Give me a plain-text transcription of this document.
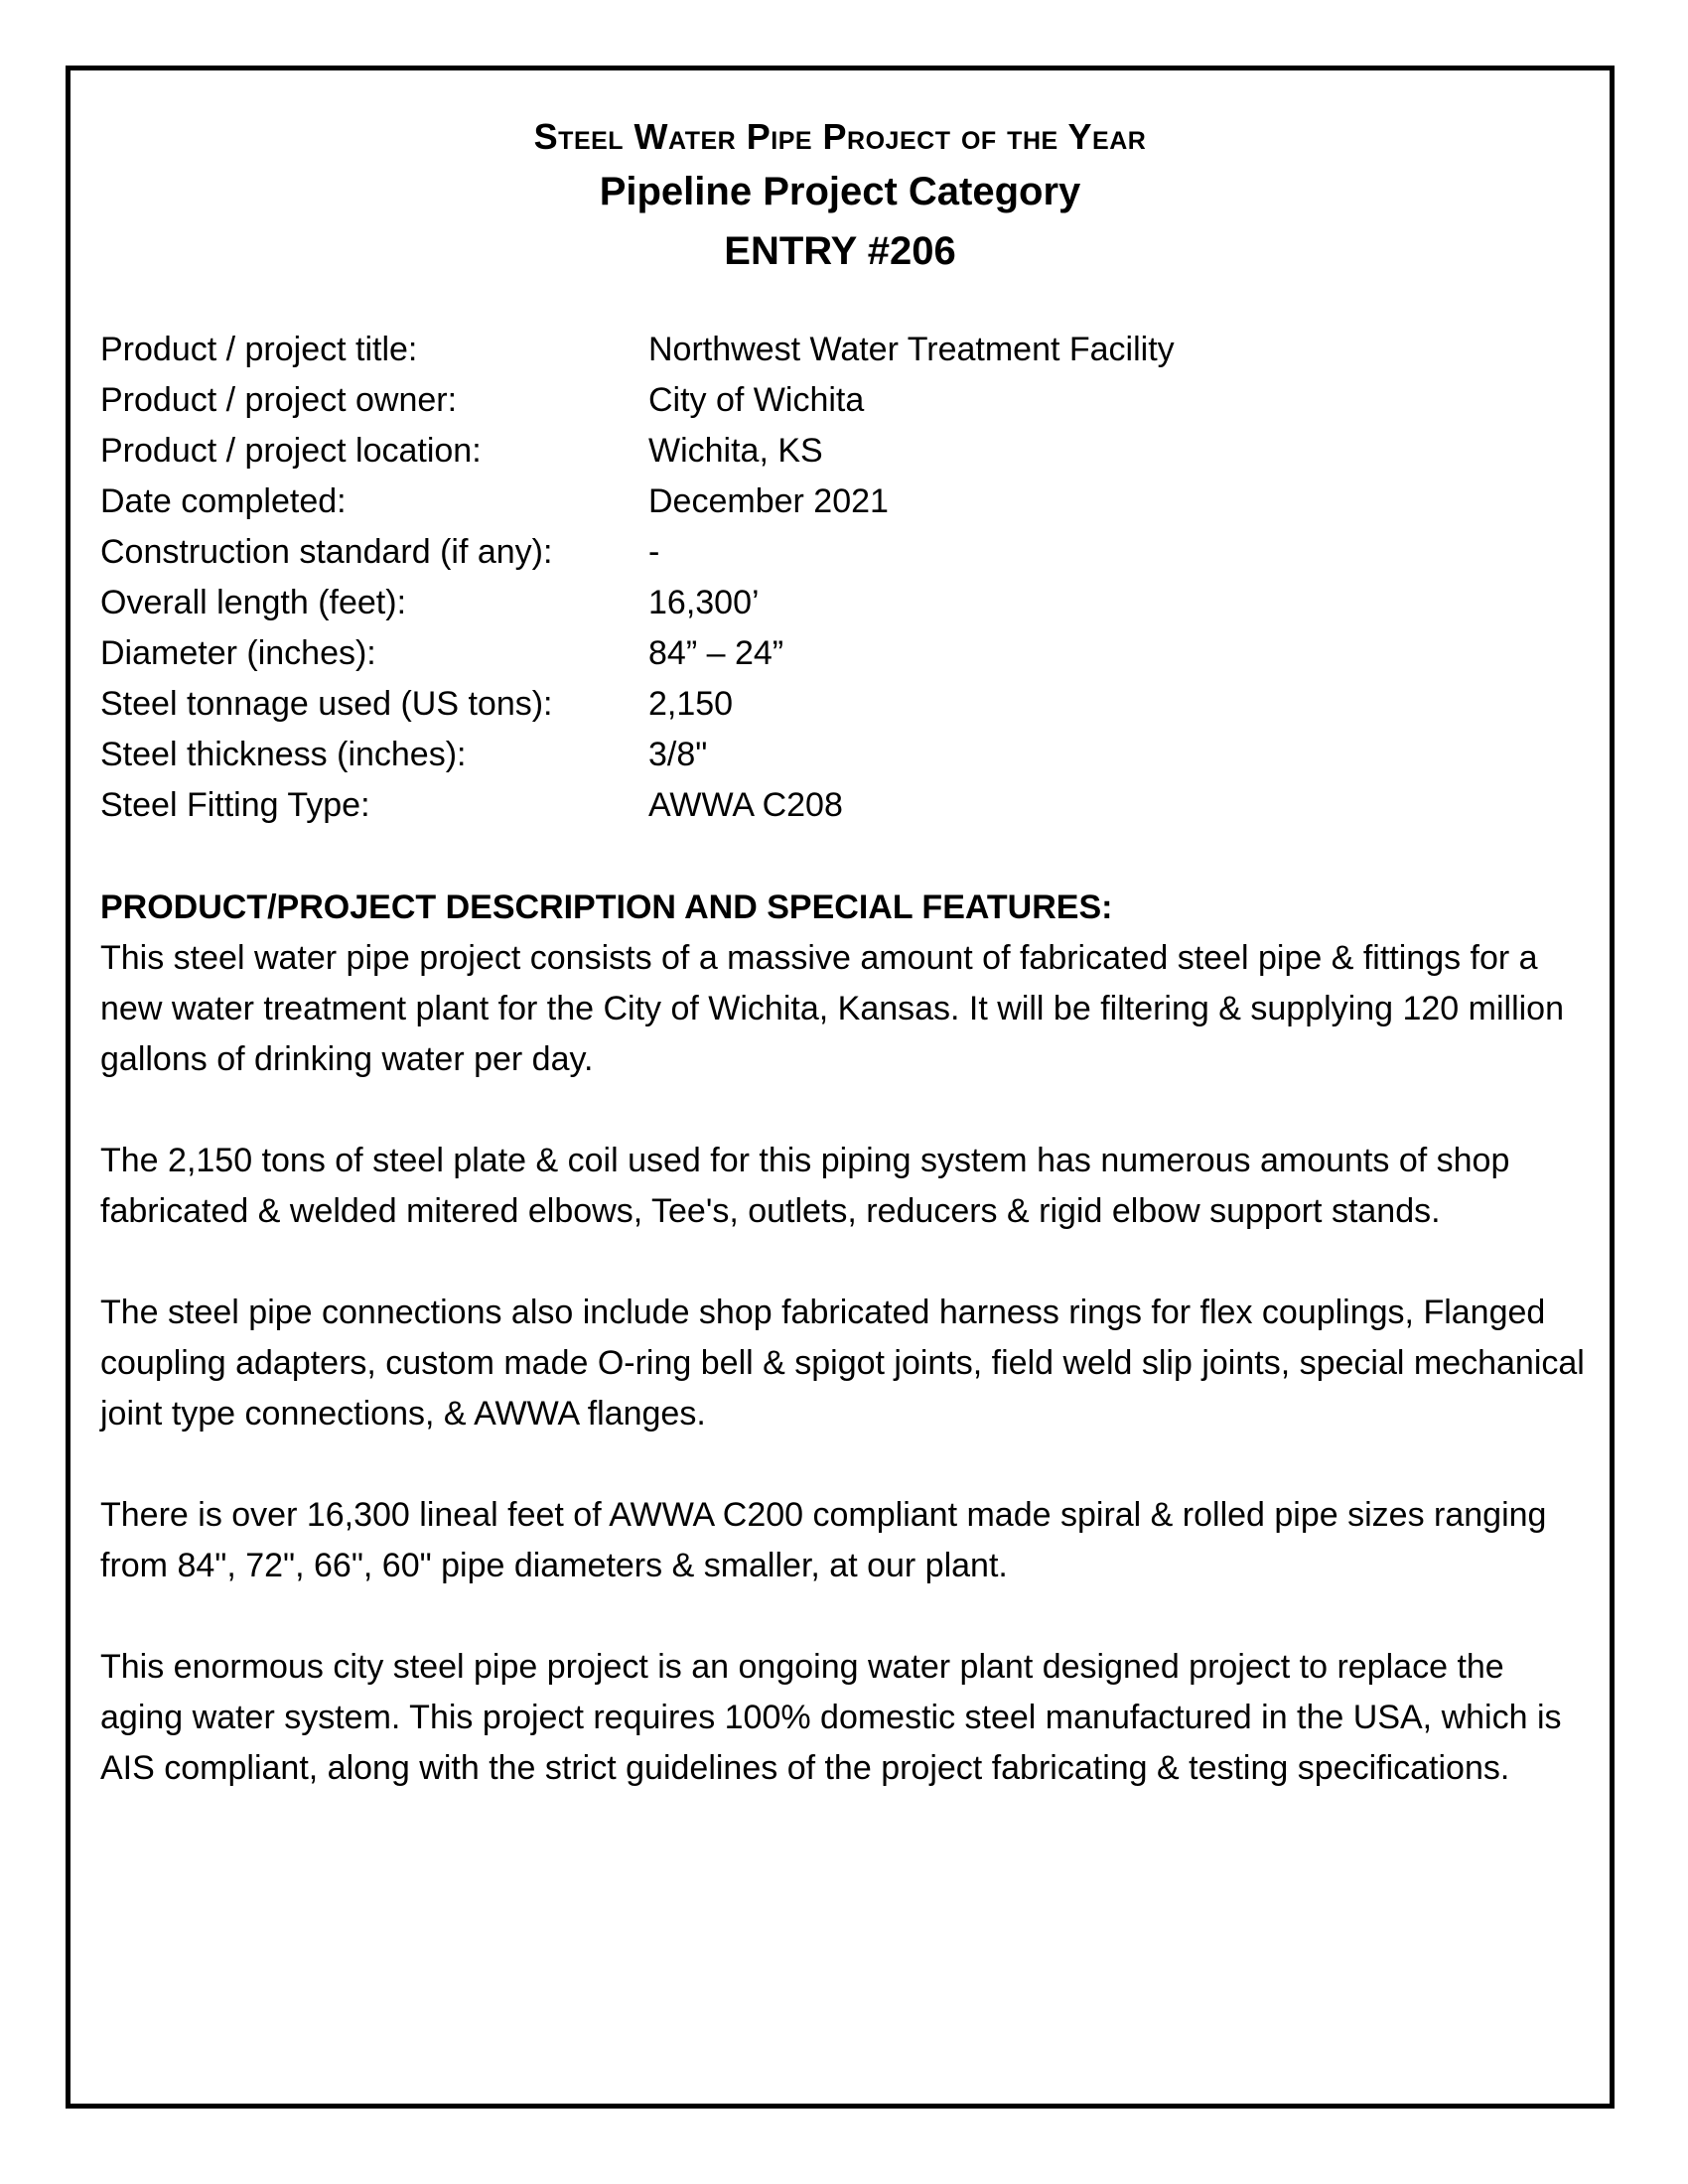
Steel Water Pipe Project of the Year
Pipeline Project Category
ENTRY #206
Product / project title:	Northwest Water Treatment Facility
Product / project owner:	City of Wichita
Product / project location:	Wichita, KS
Date completed:	December 2021
Construction standard (if any):	-
Overall length (feet):	16,300’
Diameter (inches):	84” – 24”
Steel tonnage used (US tons):	2,150
Steel thickness (inches):	3/8"
Steel Fitting Type:	AWWA C208

PRODUCT/PROJECT DESCRIPTION AND SPECIAL FEATURES:

This steel water pipe project consists of a massive amount of fabricated steel pipe & fittings for a new water treatment plant for the City of Wichita, Kansas. It will be filtering & supplying 120 million gallons of drinking water per day.

The 2,150 tons of steel plate & coil used for this piping system has numerous amounts of shop fabricated & welded mitered elbows, Tee's, outlets, reducers & rigid elbow support stands.

The steel pipe connections also include shop fabricated harness rings for flex couplings, Flanged coupling adapters, custom made O-ring bell & spigot joints, field weld slip joints, special mechanical joint type connections, & AWWA flanges.

There is over 16,300 lineal feet of AWWA C200 compliant made spiral & rolled pipe sizes ranging from 84", 72", 66", 60" pipe diameters & smaller, at our plant.

This enormous city steel pipe project is an ongoing water plant designed project to replace the aging water system. This project requires 100% domestic steel manufactured in the USA, which is AIS compliant, along with the strict guidelines of the project fabricating & testing specifications.
